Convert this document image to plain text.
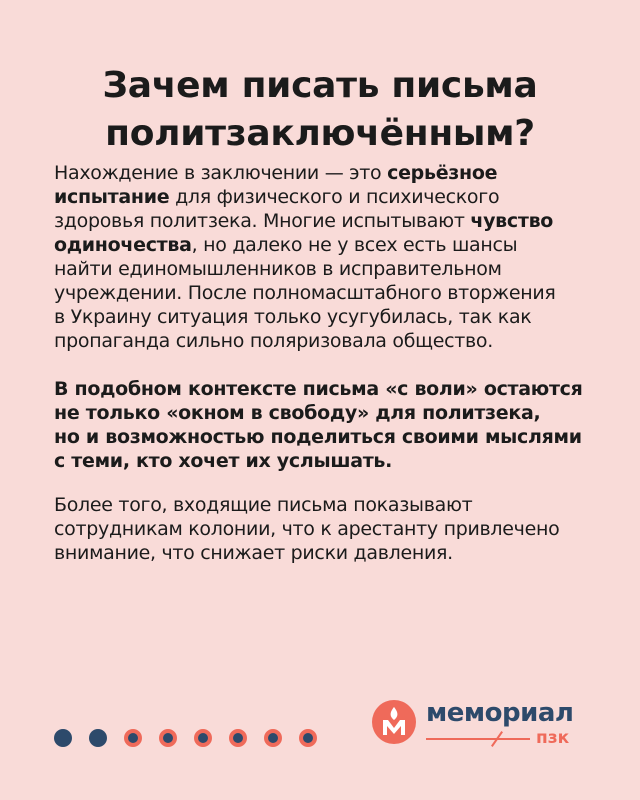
Зачем писать письма
политзаключённым?

Нахождение в заключении — это серьёзное
испытание для физического и психического
здоровья политзека. Многие испытывают чувство
одиночества, но далеко не у всех есть шансы
найти единомышленников в исправительном
учреждении. После полномасштабного вторжения
в Украину ситуация только усугубилась, так как
пропаганда сильно поляризовала общество.

В подобном контексте письма «с воли» остаются
не только «окном в свободу» для политзека,
но и возможностью поделиться своими мыслями
с теми, кто хочет их услышать.

Более того, входящие письма показывают
сотрудникам колонии, что к арестанту привлечено
внимание, что снижает риски давления.

мемориал
пзк
